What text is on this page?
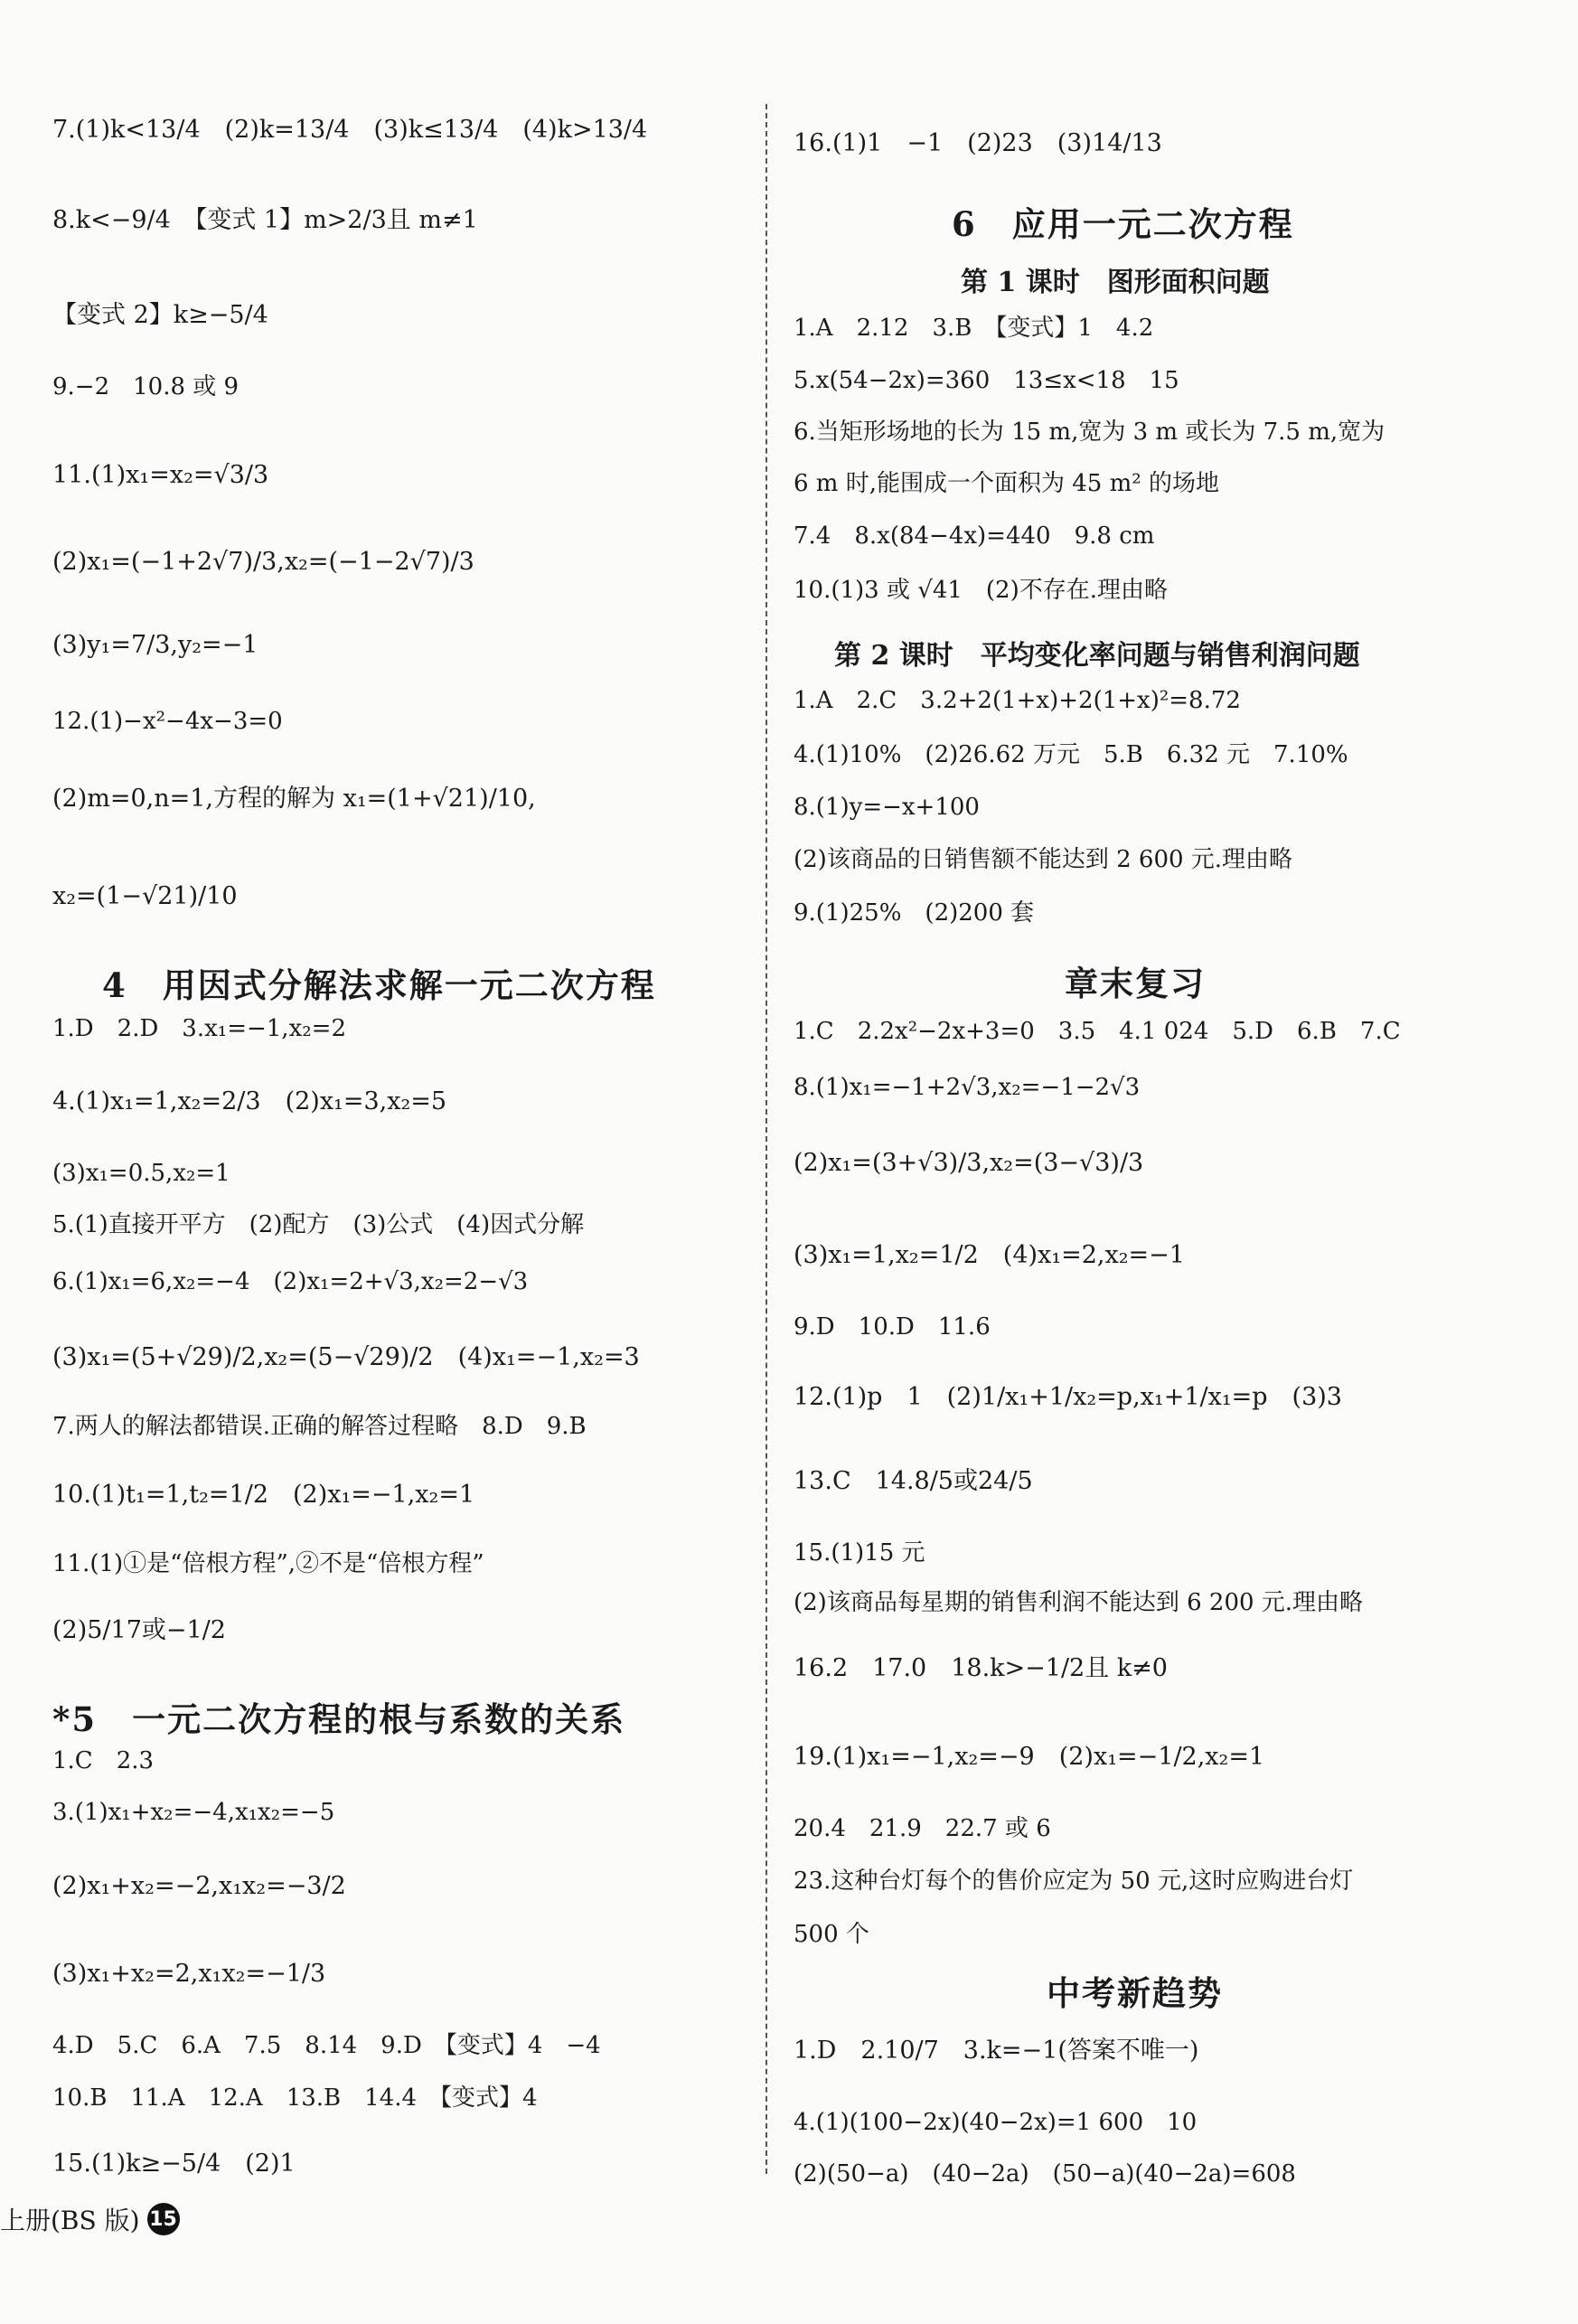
7.(1)k<13/4　(2)k=13/4　(3)k≤13/4　(4)k>13/4
8.k<−9/4　【变式 1】m>2/3且 m≠1
【变式 2】k≥−5/4
9.−2　10.8 或 9
11.(1)x₁=x₂=√3/3
(2)x₁=(−1+2√7)/3,x₂=(−1−2√7)/3
(3)y₁=7/3,y₂=−1
12.(1)−x²−4x−3=0
(2)m=0,n=1,方程的解为 x₁=(1+√21)/10,
x₂=(1−√21)/10
4　用因式分解法求解一元二次方程
1.D　2.D　3.x₁=−1,x₂=2
4.(1)x₁=1,x₂=2/3　(2)x₁=3,x₂=5
(3)x₁=0.5,x₂=1
5.(1)直接开平方　(2)配方　(3)公式　(4)因式分解
6.(1)x₁=6,x₂=−4　(2)x₁=2+√3,x₂=2−√3
(3)x₁=(5+√29)/2,x₂=(5−√29)/2　(4)x₁=−1,x₂=3
7.两人的解法都错误.正确的解答过程略　8.D　9.B
10.(1)t₁=1,t₂=1/2　(2)x₁=−1,x₂=1
11.(1)①是“倍根方程”,②不是“倍根方程”
(2)5/17或−1/2
*5　一元二次方程的根与系数的关系
1.C　2.3
3.(1)x₁+x₂=−4,x₁x₂=−5
(2)x₁+x₂=−2,x₁x₂=−3/2
(3)x₁+x₂=2,x₁x₂=−1/3
4.D　5.C　6.A　7.5　8.14　9.D　【变式】4　−4
10.B　11.A　12.A　13.B　14.4　【变式】4
15.(1)k≥−5/4　(2)1
16.(1)1　−1　(2)23　(3)14/13
6　应用一元二次方程
第 1 课时　图形面积问题
1.A　2.12　3.B　【变式】1　4.2
5.x(54−2x)=360　13≤x<18　15
6.当矩形场地的长为 15 m,宽为 3 m 或长为 7.5 m,宽为
6 m 时,能围成一个面积为 45 m² 的场地
7.4　8.x(84−4x)=440　9.8 cm
10.(1)3 或 √41　(2)不存在.理由略
第 2 课时　平均变化率问题与销售利润问题
1.A　2.C　3.2+2(1+x)+2(1+x)²=8.72
4.(1)10%　(2)26.62 万元　5.B　6.32 元　7.10%
8.(1)y=−x+100
(2)该商品的日销售额不能达到 2 600 元.理由略
9.(1)25%　(2)200 套
章末复习
1.C　2.2x²−2x+3=0　3.5　4.1 024　5.D　6.B　7.C
8.(1)x₁=−1+2√3,x₂=−1−2√3
(2)x₁=(3+√3)/3,x₂=(3−√3)/3
(3)x₁=1,x₂=1/2　(4)x₁=2,x₂=−1
9.D　10.D　11.6
12.(1)p　1　(2)1/x₁+1/x₂=p,x₁+1/x₁=p　(3)3
13.C　14.8/5或24/5
15.(1)15 元
(2)该商品每星期的销售利润不能达到 6 200 元.理由略
16.2　17.0　18.k>−1/2且 k≠0
19.(1)x₁=−1,x₂=−9　(2)x₁=−1/2,x₂=1
20.4　21.9　22.7 或 6
23.这种台灯每个的售价应定为 50 元,这时应购进台灯
500 个
中考新趋势
1.D　2.10/7　3.k=−1(答案不唯一)
4.(1)(100−2x)(40−2x)=1 600　10
(2)(50−a)　(40−2a)　(50−a)(40−2a)=608
上册(BS 版) 15
